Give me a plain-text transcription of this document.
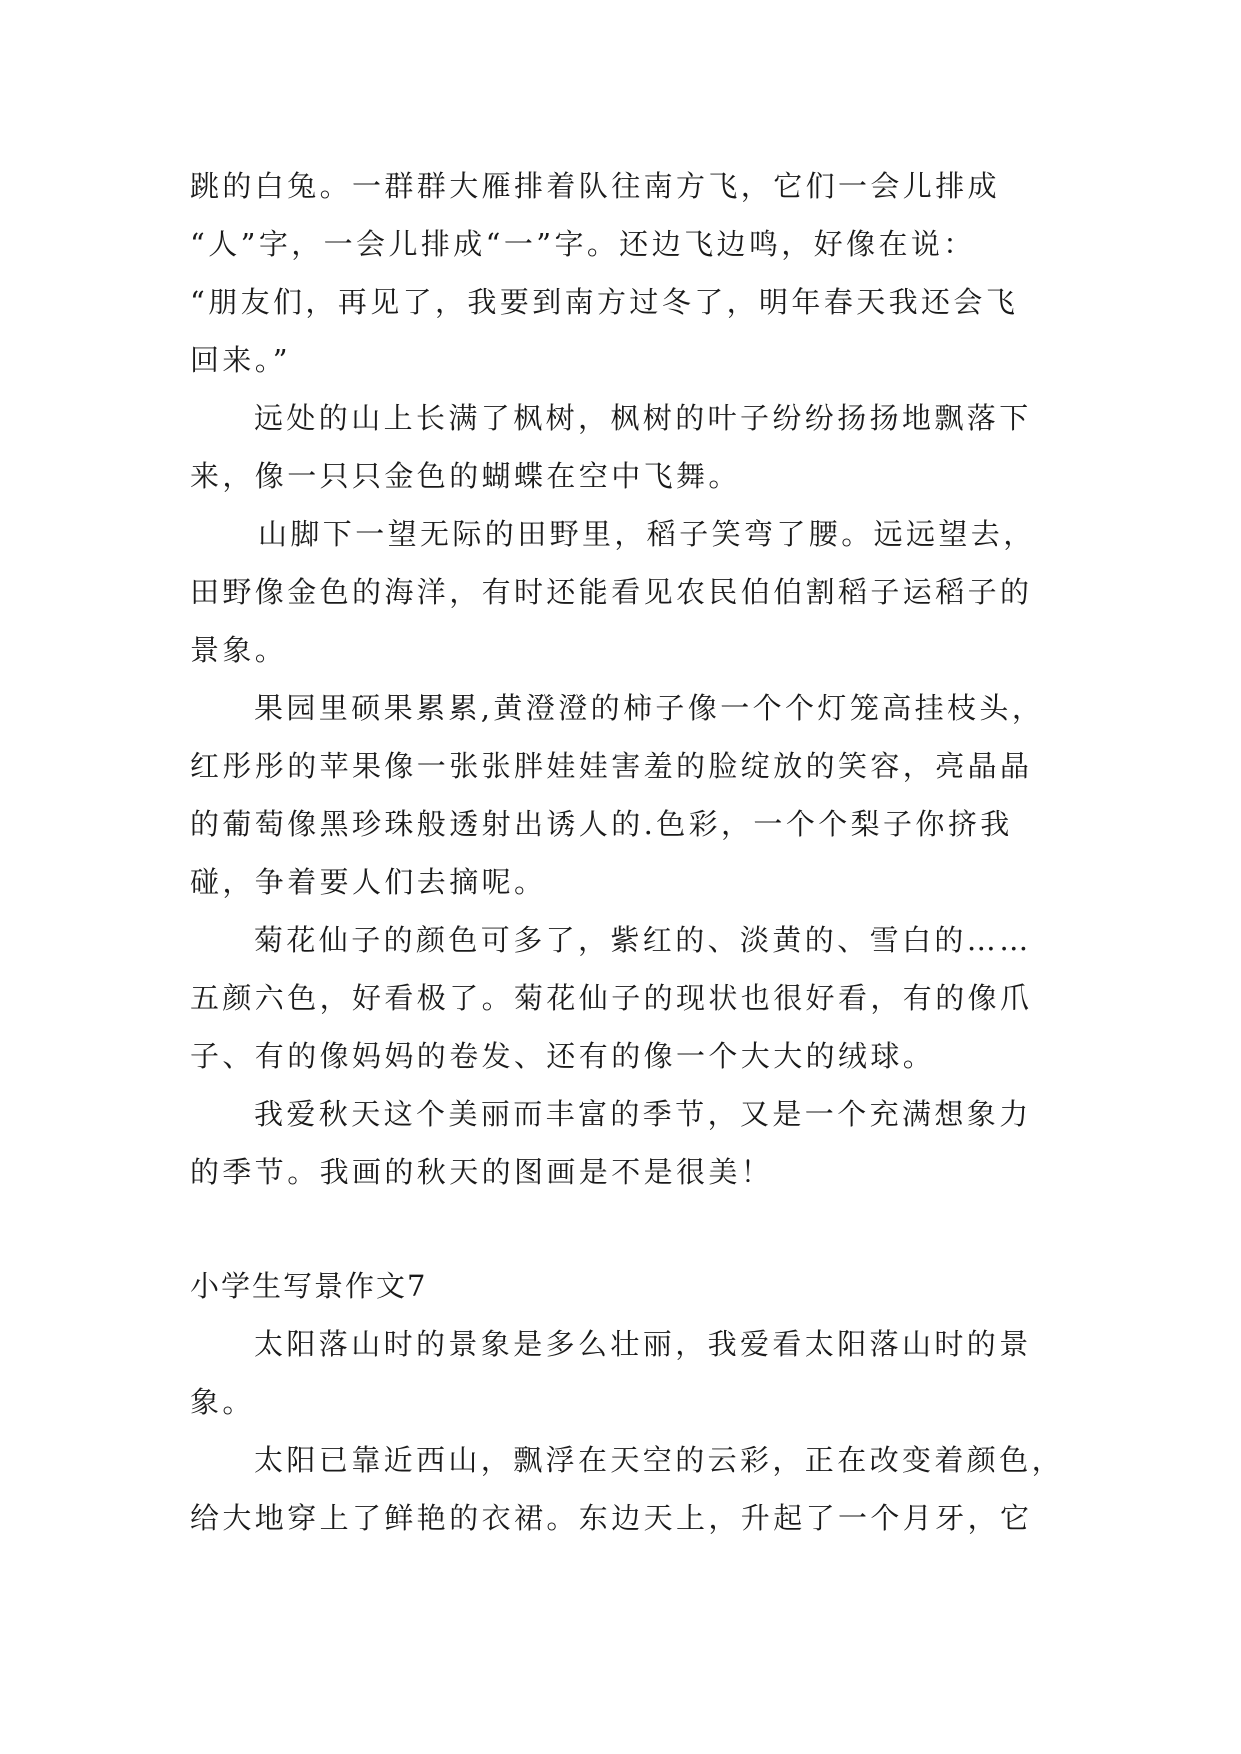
跳的白兔。一群群大雁排着队往南方飞，它们一会儿排成
“人”字，一会儿排成“一”字。还边飞边鸣，好像在说：
“朋友们，再见了，我要到南方过冬了，明年春天我还会飞
回来。”
远处的山上长满了枫树，枫树的叶子纷纷扬扬地飘落下
来，像一只只金色的蝴蝶在空中飞舞。
山脚下一望无际的田野里，稻子笑弯了腰。远远望去，
田野像金色的海洋，有时还能看见农民伯伯割稻子运稻子的
景象。
果园里硕果累累,黄澄澄的柿子像一个个灯笼高挂枝头，
红彤彤的苹果像一张张胖娃娃害羞的脸绽放的笑容，亮晶晶
的葡萄像黑珍珠般透射出诱人的.色彩，一个个梨子你挤我
碰，争着要人们去摘呢。
菊花仙子的颜色可多了，紫红的、淡黄的、雪白的……
五颜六色，好看极了。菊花仙子的现状也很好看，有的像爪
子、有的像妈妈的卷发、还有的像一个大大的绒球。
我爱秋天这个美丽而丰富的季节，又是一个充满想象力
的季节。我画的秋天的图画是不是很美！
小学生写景作文7
太阳落山时的景象是多么壮丽，我爱看太阳落山时的景
象。
太阳已靠近西山，飘浮在天空的云彩，正在改变着颜色，
给大地穿上了鲜艳的衣裙。东边天上，升起了一个月牙，它
